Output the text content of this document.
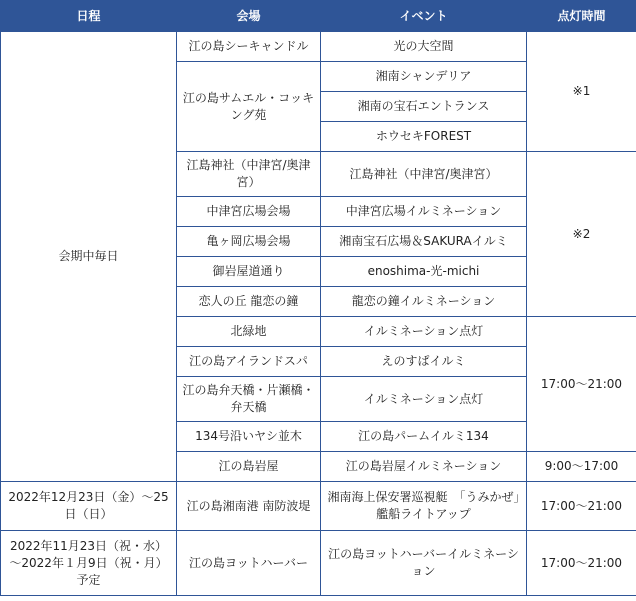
日程	会場	イベント	点灯時間
会期中毎日	江の島シーキャンドル	光の大空間	※1
	江の島サムエル・コッキング苑	湘南シャンデリア	
		湘南の宝石エントランス	
		ホウセキFOREST	
	江島神社（中津宮/奥津宮）	江島神社（中津宮/奥津宮）	※2
	中津宮広場会場	中津宮広場イルミネーション	
	亀ヶ岡広場会場	湘南宝石広場＆SAKURAイルミ	
	御岩屋道通り	enoshima-光-michi	
	恋人の丘 龍恋の鐘	龍恋の鐘イルミネーション	
	北緑地	イルミネーション点灯	17:00～21:00
	江の島アイランドスパ	えのすぱイルミ	
	江の島弁天橋・片瀬橋・弁天橋	イルミネーション点灯	
	134号沿いヤシ並木	江の島パームイルミ134	
	江の島岩屋	江の島岩屋イルミネーション	9:00～17:00
2022年12月23日（金）～25日（日）	江の島湘南港 南防波堤	湘南海上保安署巡視艇　「うみかぜ」艦船ライトアップ	17:00～21:00
2022年11月23日（祝・水）～2022年１月9日（祝・月）予定	江の島ヨットハーバー	江の島ヨットハーバーイルミネーション	17:00～21:00
